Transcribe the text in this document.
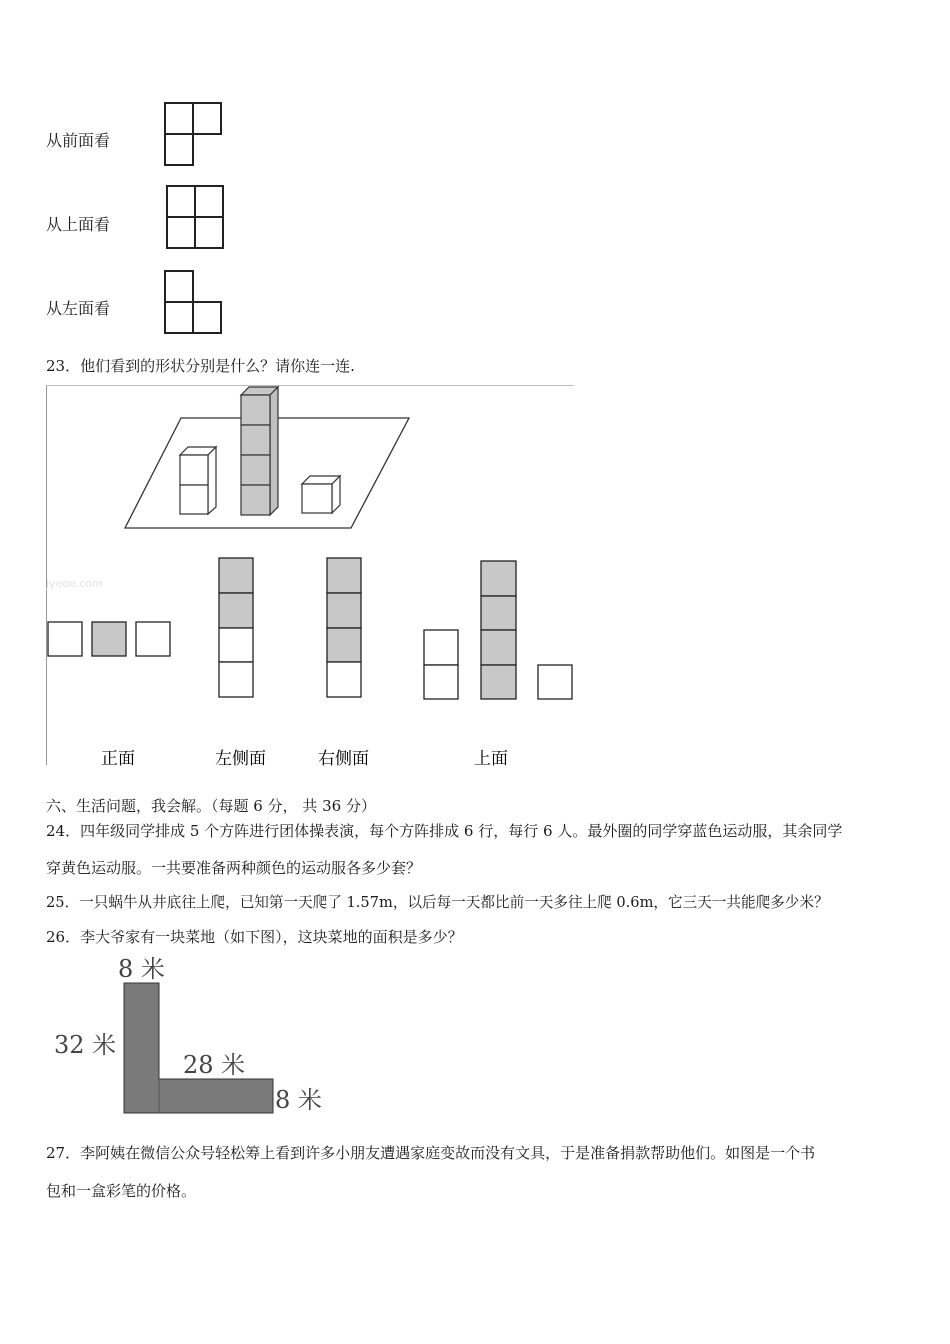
从前面看
从上面看
从左面看
23．他们看到的形状分别是什么？请你连一连.
jyeoo.com
正面	左侧面	右侧面	上面
六、生活问题，我会解。（每题 6 分， 共 36 分）
24．四年级同学排成 5 个方阵进行团体操表演，每个方阵排成 6 行，每行 6 人。最外圈的同学穿蓝色运动服，其余同学
穿黄色运动服。一共要准备两种颜色的运动服各多少套？
25．一只蜗牛从井底往上爬，已知第一天爬了 1.57m，以后每一天都比前一天多往上爬 0.6m，它三天一共能爬多少米？
26．李大爷家有一块菜地（如下图），这块菜地的面积是多少？
8 米
32 米
28 米
8 米
27．李阿姨在微信公众号轻松筹上看到许多小朋友遭遇家庭变故而没有文具，于是准备捐款帮助他们。如图是一个书
包和一盒彩笔的价格。
